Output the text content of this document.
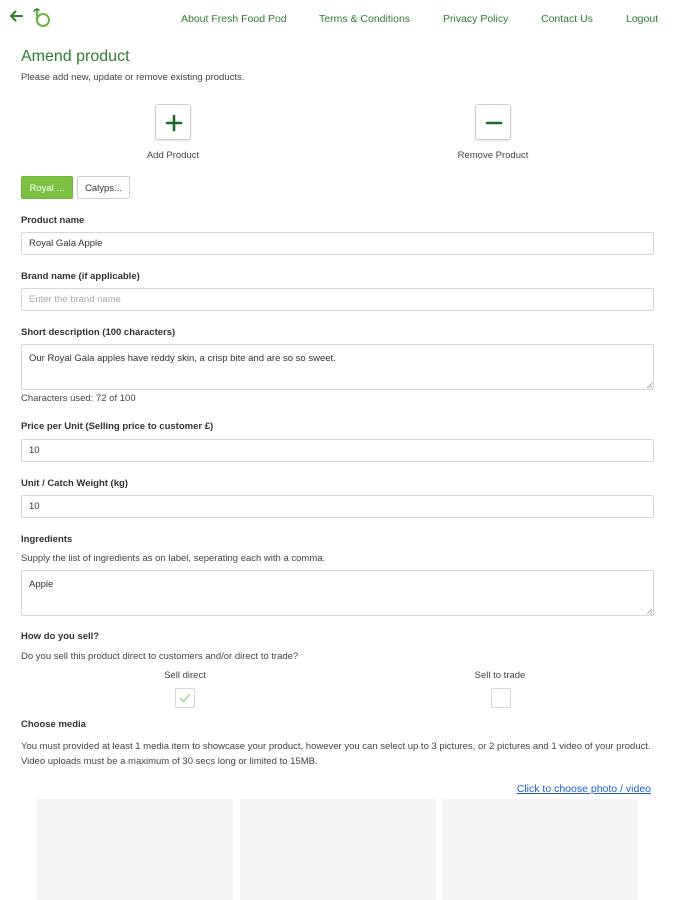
About Fresh Food Pod	Terms & Conditions	Privacy Policy	Contact Us	Logout
Amend product
Please add new, update or remove existing products.
Add Product	Remove Product
Royal ...	Calyps...
Product name
Royal Gala Apple
Brand name (if applicable)
Enter the brand name
Short description (100 characters)
Our Royal Gala apples have reddy skin, a crisp bite and are so so sweet.
Characters used: 72 of 100
Price per Unit (Selling price to customer £)
10
Unit / Catch Weight (kg)
10
Ingredients
Supply the list of ingredients as on label, seperating each with a comma.
Apple
How do you sell?
Do you sell this product direct to customers and/or direct to trade?
Sell direct	Sell to trade
Choose media
You must provided at least 1 media item to showcase your product, however you can select up to 3 pictures, or 2 pictures and 1 video of your product. Video uploads must be a maximum of 30 secs long or limited to 15MB.
Click to choose photo / video
